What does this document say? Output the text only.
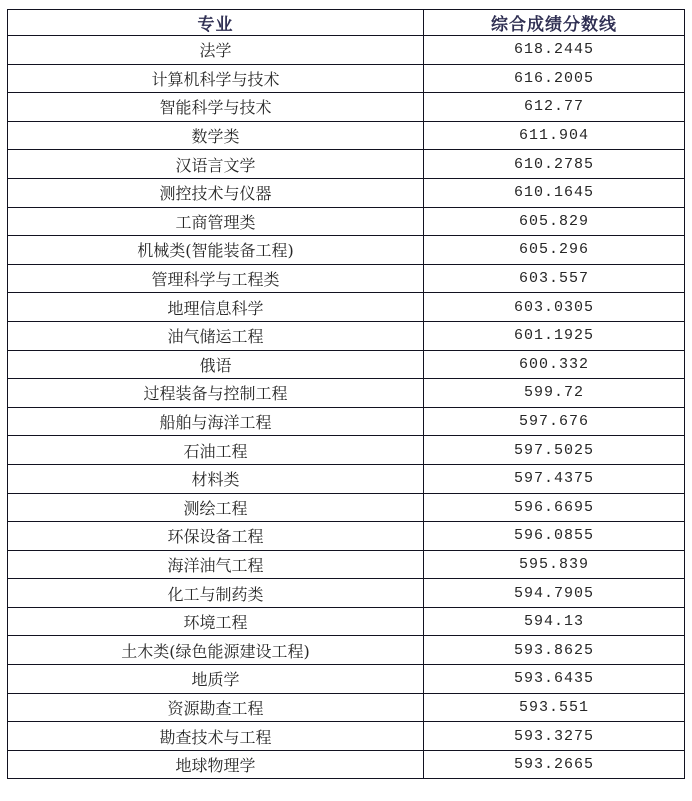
专业	综合成绩分数线
法学	618.2445
计算机科学与技术	616.2005
智能科学与技术	612.77
数学类	611.904
汉语言文学	610.2785
测控技术与仪器	610.1645
工商管理类	605.829
机械类(智能装备工程)	605.296
管理科学与工程类	603.557
地理信息科学	603.0305
油气储运工程	601.1925
俄语	600.332
过程装备与控制工程	599.72
船舶与海洋工程	597.676
石油工程	597.5025
材料类	597.4375
测绘工程	596.6695
环保设备工程	596.0855
海洋油气工程	595.839
化工与制药类	594.7905
环境工程	594.13
土木类(绿色能源建设工程)	593.8625
地质学	593.6435
资源勘查工程	593.551
勘查技术与工程	593.3275
地球物理学	593.2665
